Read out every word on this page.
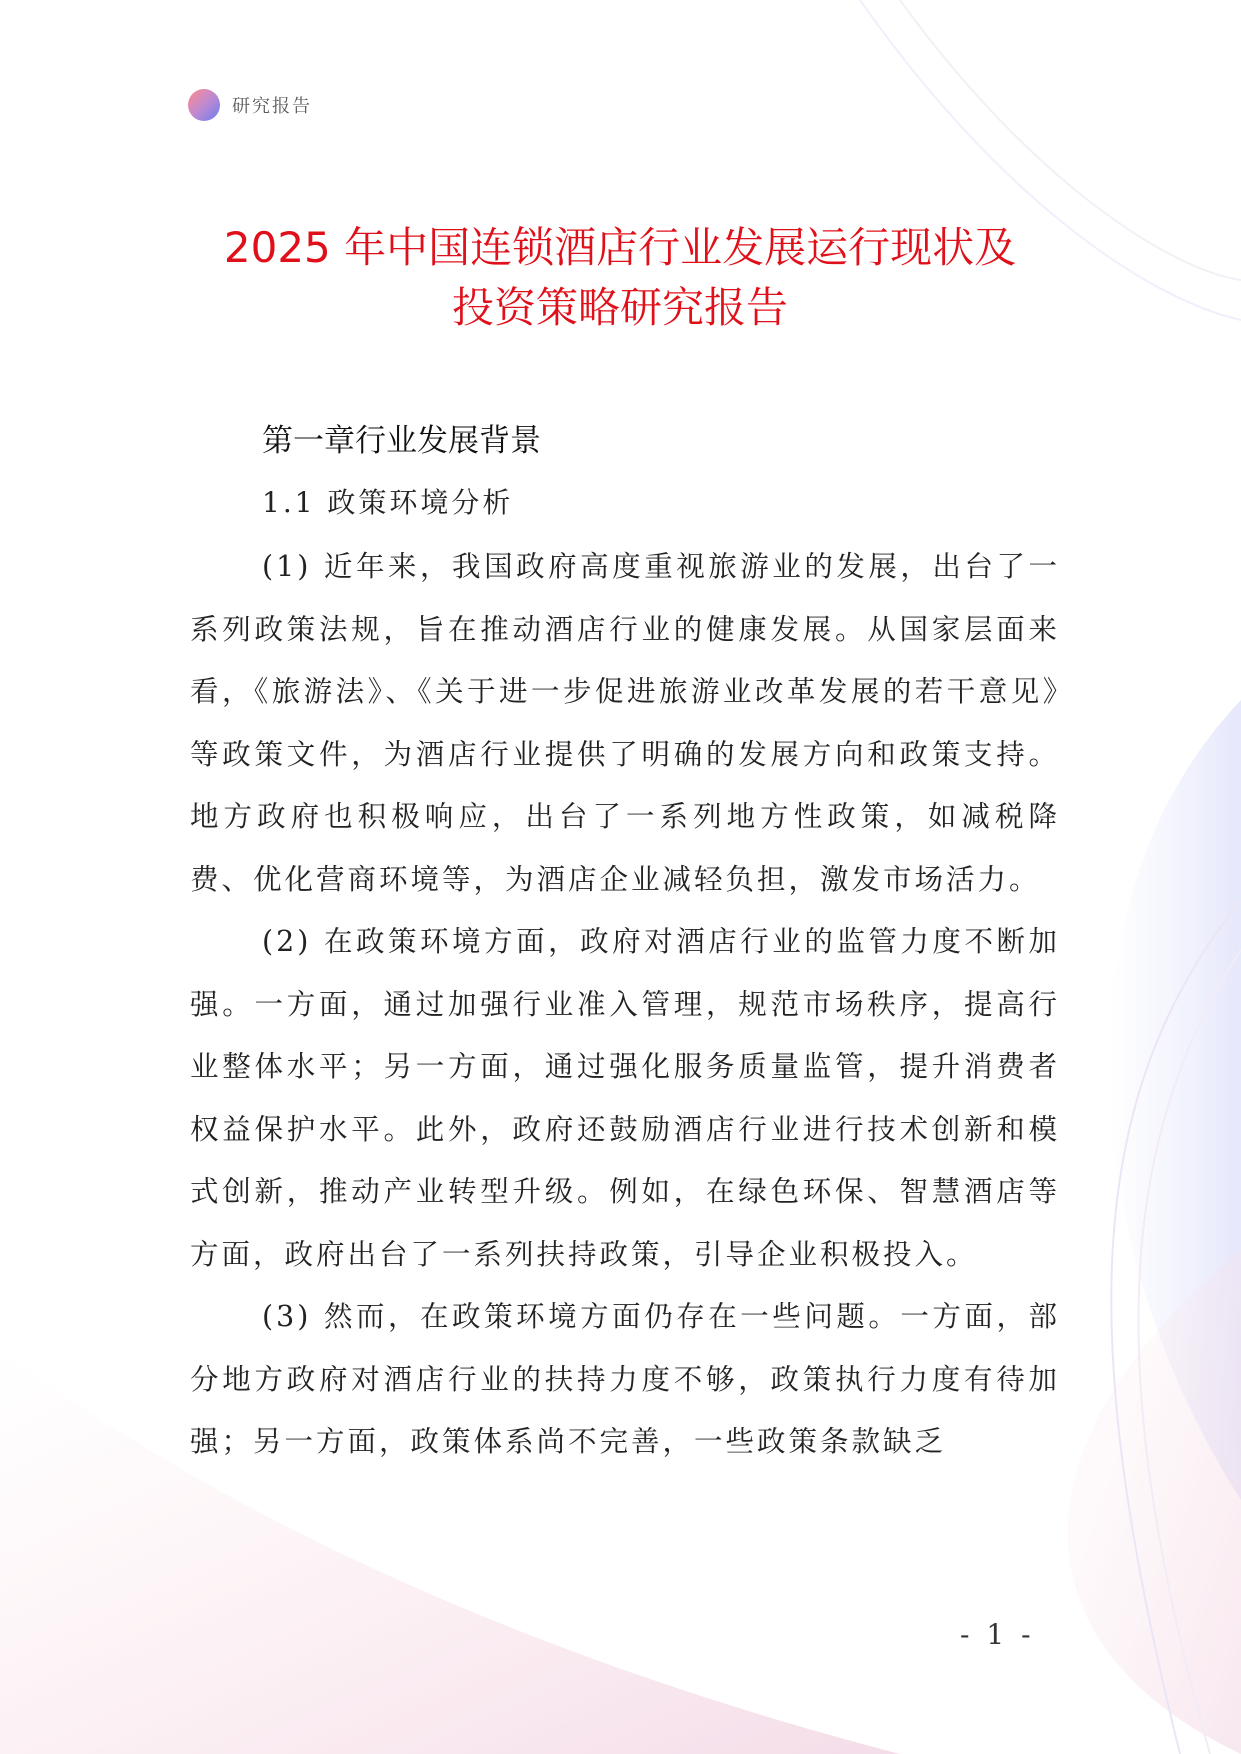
研究报告
2025 年中国连锁酒店行业发展运行现状及
投资策略研究报告
第一章行业发展背景
1.1 政策环境分析

(1) 近年来，我国政府高度重视旅游业的发展，出台了一系列政策法规，旨在推动酒店行业的健康发展。从国家层面来看，《旅游法》、《关于进一步促进旅游业改革发展的若干意见》等政策文件，为酒店行业提供了明确的发展方向和政策支持。地方政府也积极响应，出台了一系列地方性政策，如减税降费、优化营商环境等，为酒店企业减轻负担，激发市场活力。

(2) 在政策环境方面，政府对酒店行业的监管力度不断加强。一方面，通过加强行业准入管理，规范市场秩序，提高行业整体水平；另一方面，通过强化服务质量监管，提升消费者权益保护水平。此外，政府还鼓励酒店行业进行技术创新和模式创新，推动产业转型升级。例如，在绿色环保、智慧酒店等方面，政府出台了一系列扶持政策，引导企业积极投入。

(3) 然而，在政策环境方面仍存在一些问题。一方面，部分地方政府对酒店行业的扶持力度不够，政策执行力度有待加强；另一方面，政策体系尚不完善，一些政策条款缺乏

- 1 -
